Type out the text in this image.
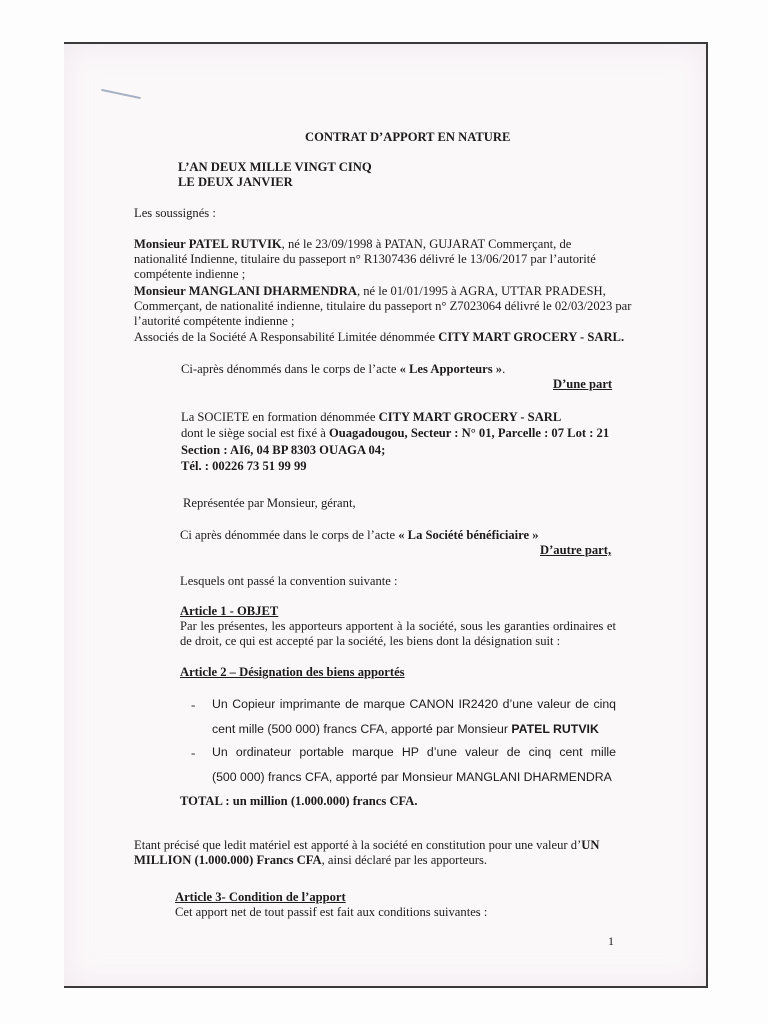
CONTRAT D’APPORT EN NATURE
L’AN DEUX MILLE VINGT CINQ
LE DEUX JANVIER
Les soussignés :
Monsieur PATEL RUTVIK, né le 23/09/1998 à PATAN, GUJARAT Commerçant, de
nationalité Indienne, titulaire du passeport n° R1307436 délivré le 13/06/2017 par l’autorité
compétente indienne ;
Monsieur MANGLANI DHARMENDRA, né le 01/01/1995 à AGRA, UTTAR PRADESH,
Commerçant, de nationalité indienne, titulaire du passeport n° Z7023064 délivré le 02/03/2023 par
l’autorité compétente indienne ;
Associés de la Société A Responsabilité Limitée dénommée CITY MART GROCERY - SARL.
Ci-après dénommés dans le corps de l’acte « Les Apporteurs ».
D’une part
La SOCIETE en formation dénommée CITY MART GROCERY - SARL
dont le siège social est fixé à Ouagadougou, Secteur : N° 01, Parcelle : 07 Lot : 21
Section : AI6, 04 BP 8303 OUAGA 04;
Tél. : 00226 73 51 99 99
Représentée par Monsieur, gérant,
Ci après dénommée dans le corps de l’acte « La Société bénéficiaire »
D’autre part,
Lesquels ont passé la convention suivante :
Article 1 - OBJET
Par les présentes, les apporteurs apportent à la société, sous les garanties ordinaires et
de droit, ce qui est accepté par la société, les biens dont la désignation suit :
Article 2 – Désignation des biens apportés
- Un Copieur imprimante de marque CANON IR2420 d’une valeur de cinq
cent mille (500 000) francs CFA, apporté par Monsieur PATEL RUTVIK
- Un ordinateur portable marque HP d’une valeur de cinq cent mille
(500 000) francs CFA, apporté par Monsieur MANGLANI DHARMENDRA
TOTAL : un million (1.000.000) francs CFA.
Etant précisé que ledit matériel est apporté à la société en constitution pour une valeur d’UN
MILLION (1.000.000) Francs CFA, ainsi déclaré par les apporteurs.
Article 3- Condition de l’apport
Cet apport net de tout passif est fait aux conditions suivantes :
1
